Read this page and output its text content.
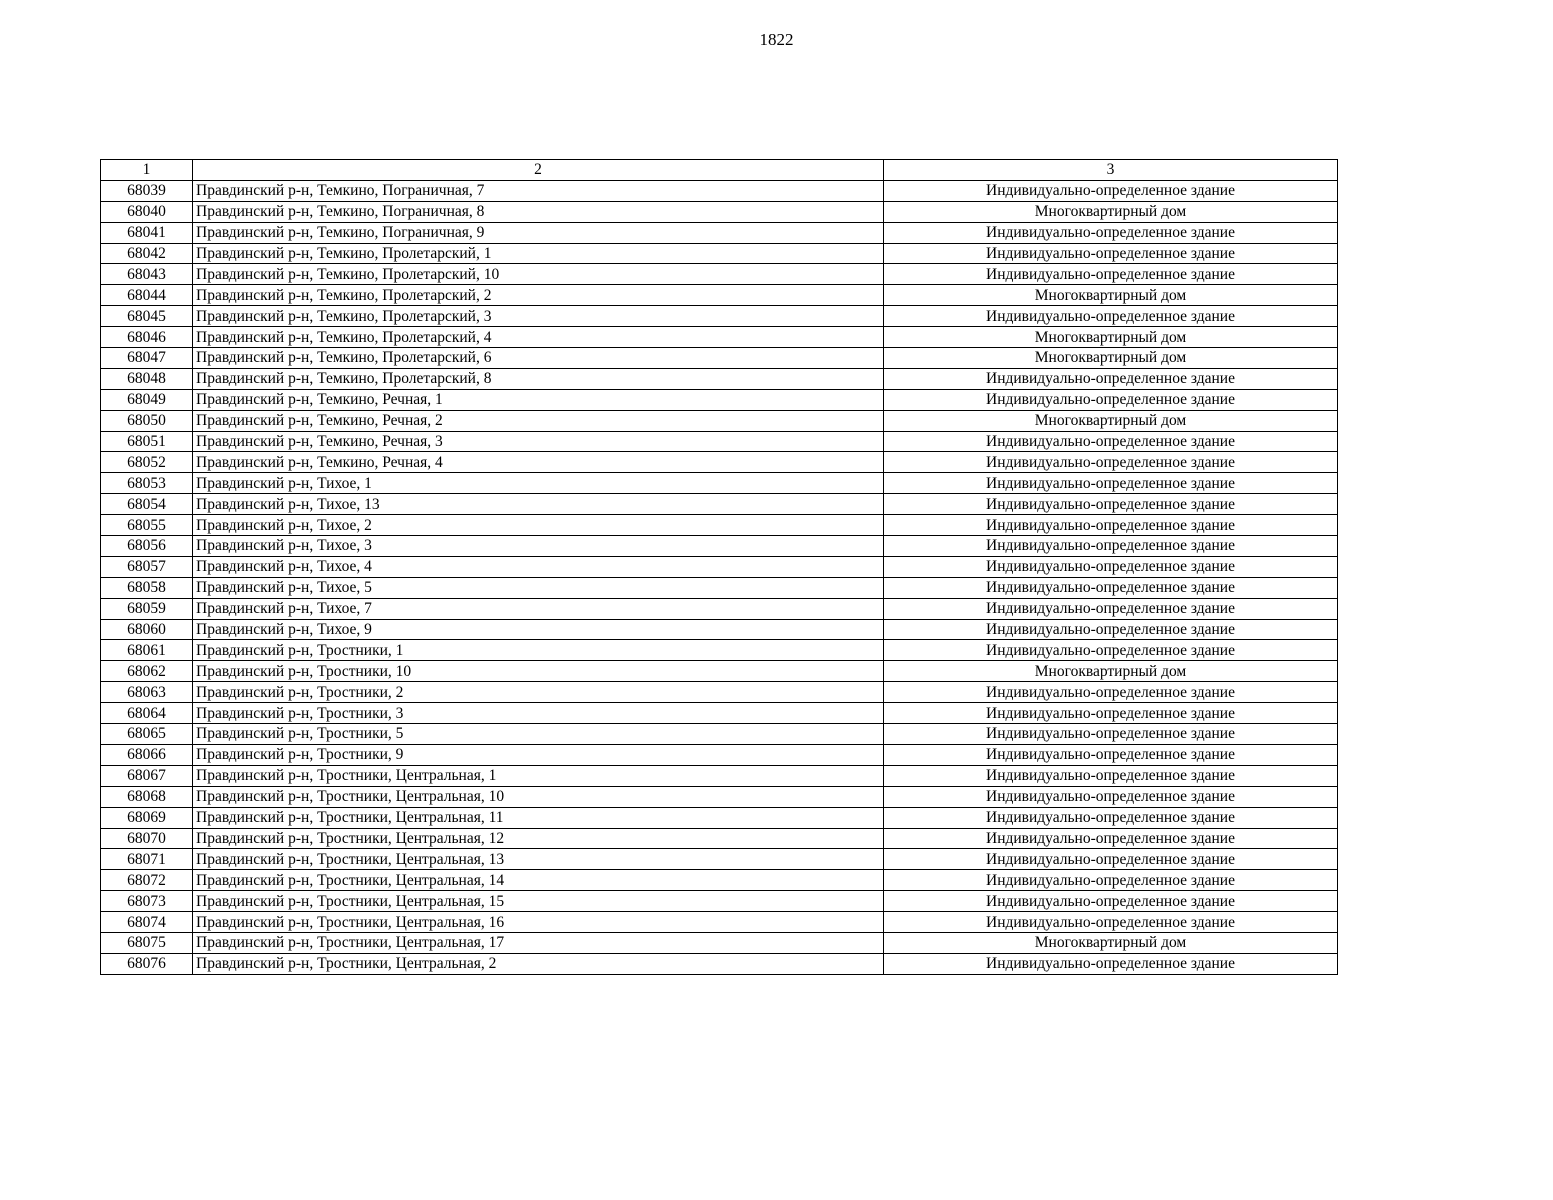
1822
1	2	3
68039	Правдинский р-н, Темкино, Пограничная, 7	Индивидуально-определенное здание
68040	Правдинский р-н, Темкино, Пограничная, 8	Многоквартирный дом
68041	Правдинский р-н, Темкино, Пограничная, 9	Индивидуально-определенное здание
68042	Правдинский р-н, Темкино, Пролетарский, 1	Индивидуально-определенное здание
68043	Правдинский р-н, Темкино, Пролетарский, 10	Индивидуально-определенное здание
68044	Правдинский р-н, Темкино, Пролетарский, 2	Многоквартирный дом
68045	Правдинский р-н, Темкино, Пролетарский, 3	Индивидуально-определенное здание
68046	Правдинский р-н, Темкино, Пролетарский, 4	Многоквартирный дом
68047	Правдинский р-н, Темкино, Пролетарский, 6	Многоквартирный дом
68048	Правдинский р-н, Темкино, Пролетарский, 8	Индивидуально-определенное здание
68049	Правдинский р-н, Темкино, Речная, 1	Индивидуально-определенное здание
68050	Правдинский р-н, Темкино, Речная, 2	Многоквартирный дом
68051	Правдинский р-н, Темкино, Речная, 3	Индивидуально-определенное здание
68052	Правдинский р-н, Темкино, Речная, 4	Индивидуально-определенное здание
68053	Правдинский р-н, Тихое, 1	Индивидуально-определенное здание
68054	Правдинский р-н, Тихое, 13	Индивидуально-определенное здание
68055	Правдинский р-н, Тихое, 2	Индивидуально-определенное здание
68056	Правдинский р-н, Тихое, 3	Индивидуально-определенное здание
68057	Правдинский р-н, Тихое, 4	Индивидуально-определенное здание
68058	Правдинский р-н, Тихое, 5	Индивидуально-определенное здание
68059	Правдинский р-н, Тихое, 7	Индивидуально-определенное здание
68060	Правдинский р-н, Тихое, 9	Индивидуально-определенное здание
68061	Правдинский р-н, Тростники, 1	Индивидуально-определенное здание
68062	Правдинский р-н, Тростники, 10	Многоквартирный дом
68063	Правдинский р-н, Тростники, 2	Индивидуально-определенное здание
68064	Правдинский р-н, Тростники, 3	Индивидуально-определенное здание
68065	Правдинский р-н, Тростники, 5	Индивидуально-определенное здание
68066	Правдинский р-н, Тростники, 9	Индивидуально-определенное здание
68067	Правдинский р-н, Тростники, Центральная, 1	Индивидуально-определенное здание
68068	Правдинский р-н, Тростники, Центральная, 10	Индивидуально-определенное здание
68069	Правдинский р-н, Тростники, Центральная, 11	Индивидуально-определенное здание
68070	Правдинский р-н, Тростники, Центральная, 12	Индивидуально-определенное здание
68071	Правдинский р-н, Тростники, Центральная, 13	Индивидуально-определенное здание
68072	Правдинский р-н, Тростники, Центральная, 14	Индивидуально-определенное здание
68073	Правдинский р-н, Тростники, Центральная, 15	Индивидуально-определенное здание
68074	Правдинский р-н, Тростники, Центральная, 16	Индивидуально-определенное здание
68075	Правдинский р-н, Тростники, Центральная, 17	Многоквартирный дом
68076	Правдинский р-н, Тростники, Центральная, 2	Индивидуально-определенное здание
